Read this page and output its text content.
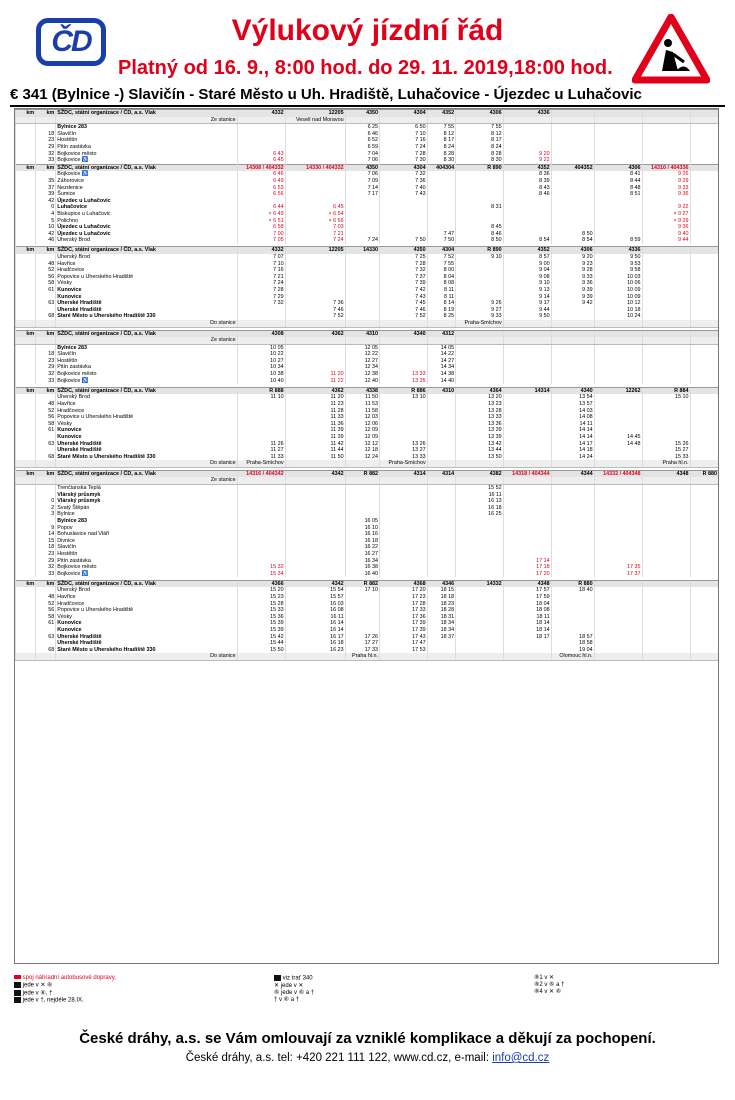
ČD	Výlukový jízdní řád
Platný od 16. 9., 8:00 hod. do 29. 11. 2019,18:00 hod.
€ 341 (Bylnice -) Slavičín - Staré Město u Uh. Hradiště, Luhačovice - Újezdec u Luhačovic
km	km	SŽDC, státní organizace / ČD, a.s. Vlak	4332	12205	4350	4304	4352	4306	4336				
		Ze stanice		Veselí nad Moravou									
		Bylnice 283			6 25	6 50	7 55	7 55					
	18	Slavičín			6 46	7 10	8 12	8 12					
	23	Hostětín			6 52	7 16	8 17	8 17					
	29	Pitín zastávka			6 59	7 24	8 24	8 24					
	32	Bojkovice město	6 43		7 04	7 28	8 28	8 28	9 20				
	33	Bojkovice ♿	6 45		7 06	7 30	8 30	8 30	9 22				
km	km	SŽDC, státní organizace / ČD, a.s. Vlak	14308 / 404332	14330 / 404332	4350	4304	404304	R 890	4352	404352	4306	14310 / 404336	
		Bojkovice ♿	6 46		7 06	7 32			8 36		8 41	9 26	
	35	Záhorovice	6 49		7 09	7 36			8 39		8 44	9 29	
	37	Nezdenice	6 53		7 14	7 40			8 43		8 48	9 33	
	39	Šumice	6 56		7 17	7 43			8 46		8 51	9 36	
	42	Újezdec u Luhačovic											
	0	Luhačovice	6 44	6 45				8 31				9 22	
	4	Biskupice u Luhačovic	× 6 49	× 6 54								× 9 27	
	5	Polichno	× 6 51	× 6 56								× 9 29	
	10	Újezdec u Luhačovic	6 58	7 03				8 45				9 36	
	42	Újezdec u Luhačovic	7 00	7 21			7 47	8 46		8 50		9 40	
	46	Uherský Brod	7 05	7 24	7 24	7 50	7 50	8 50	8 54	8 54	8 59	9 44	

km	km	SŽDC, státní organizace / ČD, a.s. Vlak	4332	12205	14330	4350	4304	R 890	4352	4306	4336		
		Uherský Brod	7 07			7 25	7 52	9 10	8 57	9 20	9 50		
	48	Havřice	7 10			7 28	7 55		9 00	9 23	9 53		
	52	Hradčovice	7 16			7 32	8 00		9 04	9 28	9 58		
	56	Popovice u Uherského Hradiště	7 21			7 37	8 04		9 08	9 33	10 03		
	58	Vésky	7 24			7 39	8 08		9 10	9 36	10 06		
	61	Kunovice	7 28			7 42	8 11		9 13	9 39	10 09		
		Kunovice	7 29			7 43	8 11		9 14	9 39	10 09		
	63	Uherské Hradiště	7 32	7 36		7 45	8 14	9 26	9 17	9 42	10 12		
		Uherské Hradiště		7 46		7 46	8 19	9 27	9 44		10 18		
	68	Staré Město u Uherského Hradiště 330		7 52		7 52	8 25	9 33	9 50		10 24		
		Do stanice						Praha-Smíchov					

km	km	SŽDC, státní organizace / ČD, a.s. Vlak	4308	4362	4310	4340	4312						
		Ze stanice											
		Bylnice 283	10 05		12 05		14 05						
	18	Slavičín	10 22		12 22		14 22						
	23	Hostětín	10 27		12 27		14 27						
	29	Pitín zastávka	10 34		12 34		14 34						
	32	Bojkovice město	10 38	11 20	12 38	13 33	14 38						
	33	Bojkovice ♿	10 40	11 22	12 40	13 35	14 40						

km	km	SŽDC, státní organizace / ČD, a.s. Vlak	R 888	4362	4338	R 886	4310	4364	14314	4340	12262	R 884	
		Uherský Brod	11 10	11 20	11 50	13 10		13 20		13 54		15 10	
	48	Havřice		11 23	11 53			13 23		13 57			
	52	Hradčovice		11 28	11 58			13 28		14 03			
	56	Popovice u Uherského Hradiště		11 33	12 03			13 33		14 08			
	58	Vésky		11 36	12 06			13 36		14 11			
	61	Kunovice		11 39	12 09			13 39		14 14			
		Kunovice		11 39	12 09			13 39		14 14	14 45		
	63	Uherské Hradiště	11 26	11 42	12 12	13 26		13 42		14 17	14 48	15 26	
		Uherské Hradiště	11 27	11 44	12 18	13 27		13 44		14 18		15 27	
	68	Staré Město u Uherského Hradiště 330	11 33	11 50	12 24	13 33		13 50		14 24		15 33	
		Do stanice	Praha-Smíchov			Praha-Smíchov						Praha hl.n.	

km	km	SŽDC, státní organizace / ČD, a.s. Vlak	14316 / 404342	4342	R 882	4314	4314	4382	14318 / 404344	4344	14332 / 404348	4348	R 880
		Ze stanice											
		Trenčianska Teplá						15 52					
		Vlárský průsmyk						16 11					
	0	Vlárský průsmyk						16 13					
	2	Svatý Štěpán						16 18					
	3	Bylnice						16 25					
		Bylnice 283			16 05								
	9	Popov			16 10								
	14	Bohuslavice nad Vláří			16 16								
	15	Divnice			16 18								
	18	Slavičín			16 22								
	23	Hostětín			16 27								
	29	Pitín zastávka			16 34				17 14				
	32	Bojkovice město	15 32		16 38				17 18		17 35		
	33	Bojkovice ♿	15 34		16 40				17 20		17 37		

km	km	SŽDC, státní organizace / ČD, a.s. Vlak	4366	4342	R 882	4368	4346	14332	4348	R 880			
		Uherský Brod	15 20	15 54	17 10	17 20	18 15		17 57	18 40			
	48	Havřice	15 23	15 57		17 23	18 18		17 59				
	52	Hradčovice	15 28	16 03		17 28	18 23		18 04				
	56	Popovice u Uherského Hradiště	15 33	16 08		17 33	18 28		18 08				
	58	Vésky	15 36	16 11		17 36	18 31		18 11				
	61	Kunovice	15 39	16 14		17 39	18 34		18 14				
		Kunovice	15 39	16 14		17 39	18 34		18 14				
	63	Uherské Hradiště	15 42	16 17	17 26	17 43	18 37		18 17	18 57			
		Uherské Hradiště	15 44	16 18	17 27	17 47				18 58			
	68	Staré Město u Uherského Hradiště 330	15 50	16 23	17 33	17 53				19 04			
		Do stanice			Praha hl.n.					Olomouc hl.n.			
spoj náhradní autobusové dopravy,
jede v ✕ ⑥
jede v ⑥, †
jede v †, nejdéle 28.IX.
viz trať 340
✕ jede v ✕
⑥ jede v ⑥ a †
† v ⑥ a †
⑧1 v ✕
⑧2 v ⑥ a †
⑧4 v ✕ ⑥
České dráhy, a.s. se Vám omlouvají za vzniklé komplikace a děkují za pochopení.
České dráhy, a.s. tel: +420 221 111 122, www.cd.cz, e-mail: info@cd.cz
